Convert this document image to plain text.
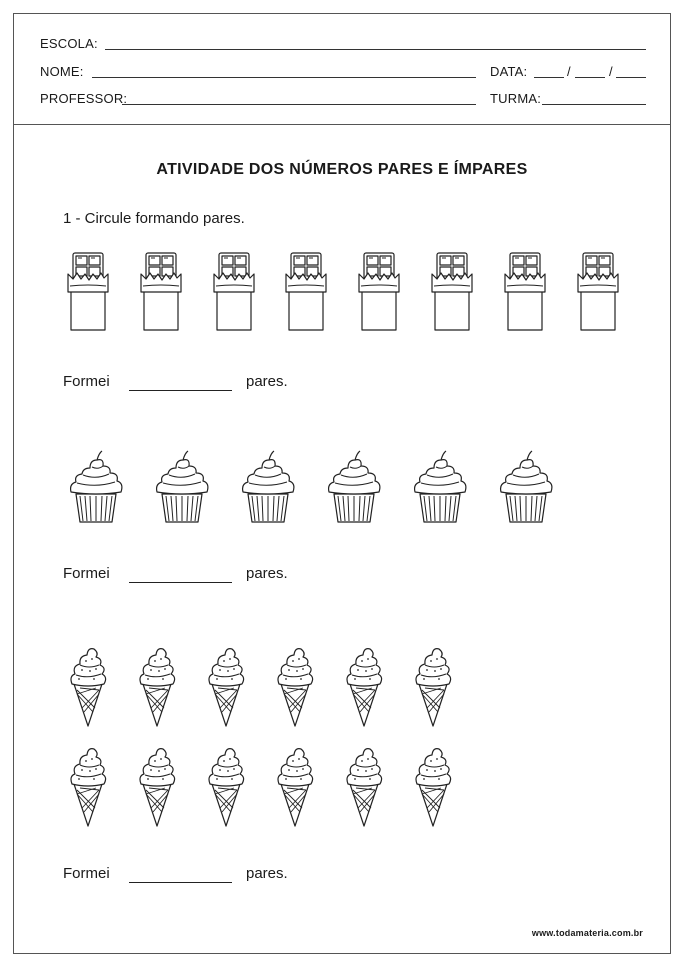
ESCOLA:
NOME:	DATA:	/	/
PROFESSOR:	TURMA:
ATIVIDADE DOS NÚMEROS PARES E ÍMPARES
1 - Circule formando pares.
Formei	pares.
Formei	pares.
Formei	pares.
www.todamateria.com.br
